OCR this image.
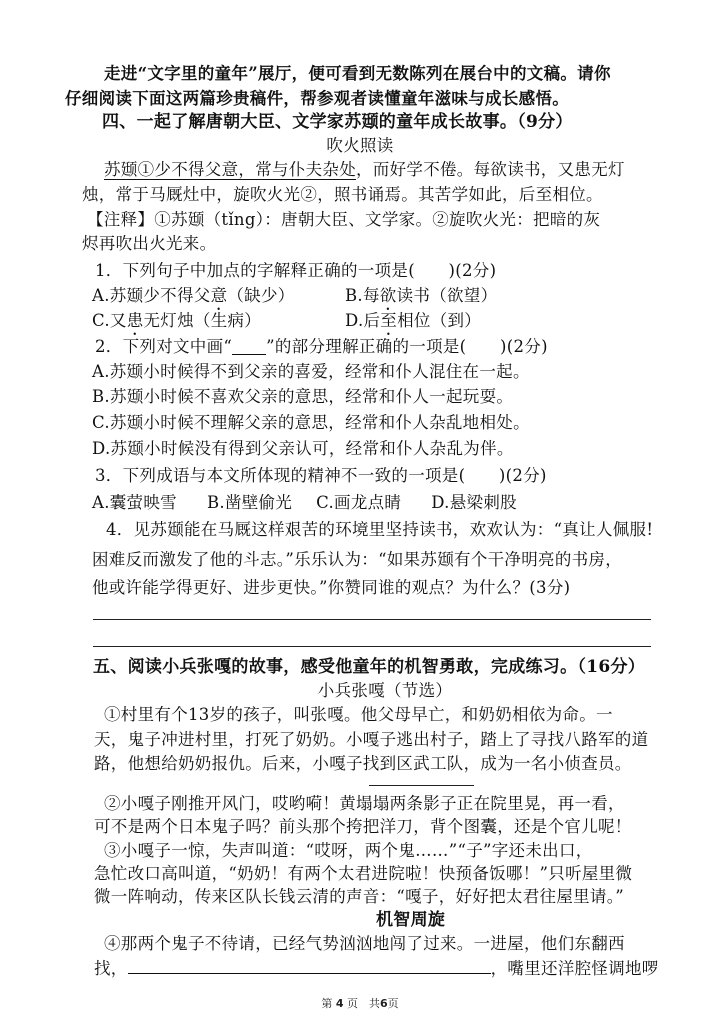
走进“文字里的童年”展厅，便可看到无数陈列在展台中的文稿。请你
仔细阅读下面这两篇珍贵稿件，帮参观者读懂童年滋味与成长感悟。
四、一起了解唐朝大臣、文学家苏颋的童年成长故事。（9分）
吹火照读
苏颋①少不得父意，常与仆夫杂处，而好学不倦。每欲读书，又患无灯
烛，常于马厩灶中，旋吹火光②，照书诵焉。其苦学如此，后至相位。
【注释】①苏颋（tǐng）：唐朝大臣、文学家。②旋吹火光：把暗的灰
烬再吹出火光来。
1．下列句子中加点的字解释正确的一项是(　　)(2分)
A.苏颋少不得父意（缺少）	B.每欲读书（欲望）
C.又患无灯烛（生病）	D.后至相位（到）
2．下列对文中画“ ”的部分理解正确的一项是(　　)(2分)
A.苏颋小时候得不到父亲的喜爱，经常和仆人混住在一起。
B.苏颋小时候不喜欢父亲的意思，经常和仆人一起玩耍。
C.苏颋小时候不理解父亲的意思，经常和仆人杂乱地相处。
D.苏颋小时候没有得到父亲认可，经常和仆人杂乱为伴。
3．下列成语与本文所体现的精神不一致的一项是(　　)(2分)
A.囊萤映雪 B.凿壁偷光 C.画龙点睛 D.悬梁刺股
4．见苏颋能在马厩这样艰苦的环境里坚持读书，欢欢认为：“真让人佩服!
困难反而激发了他的斗志。”乐乐认为：“如果苏颋有个干净明亮的书房，
他或许能学得更好、进步更快。”你赞同谁的观点？为什么？(3分)
五、阅读小兵张嘎的故事，感受他童年的机智勇敢，完成练习。（16分）
小兵张嘎（节选）
①村里有个13岁的孩子，叫张嘎。他父母早亡，和奶奶相依为命。一
天，鬼子冲进村里，打死了奶奶。小嘎子逃出村子，踏上了寻找八路军的道
路，他想给奶奶报仇。后来，小嘎子找到区武工队，成为一名小侦查员。
②小嘎子刚推开风门，哎哟嗬！黄塌塌两条影子正在院里晃，再一看，
可不是两个日本鬼子吗？前头那个挎把洋刀，背个图囊，还是个官儿呢！
③小嘎子一惊，失声叫道：“哎呀，两个鬼……”“子”字还未出口，
急忙改口高叫道，“奶奶！有两个太君进院啦！快预备饭哪！”只听屋里微
微一阵响动，传来区队长钱云清的声音：“嘎子，好好把太君往屋里请。”
机智周旋
④那两个鬼子不待请，已经气势汹汹地闯了过来。一进屋，他们东翻西
找，	，嘴里还洋腔怪调地啰
第 4 页　共6页
